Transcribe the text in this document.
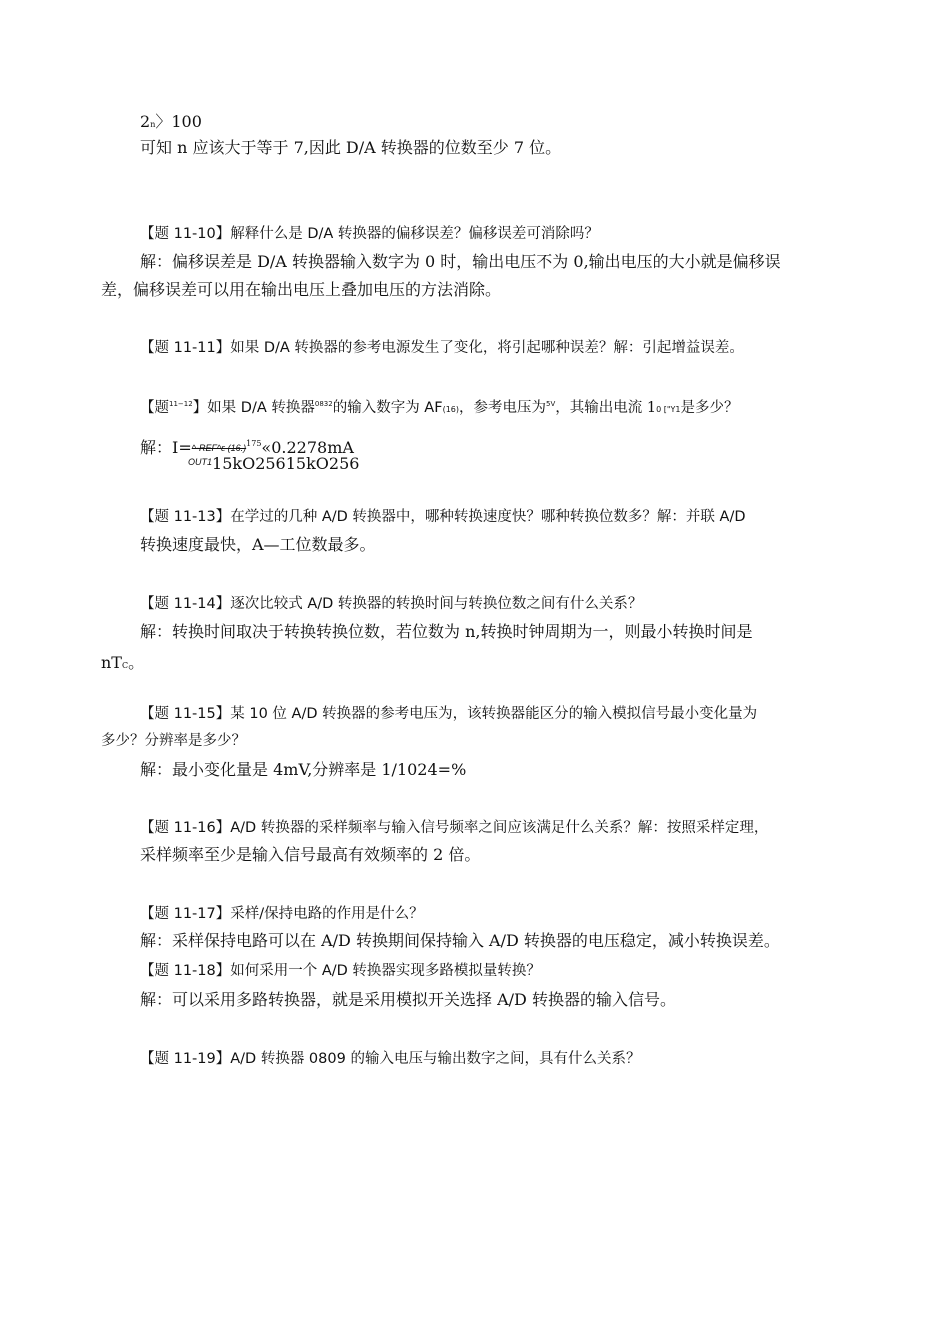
2n〉100
可知 n 应该大于等于 7,因此 D/A 转换器的位数至少 7 位。
【题 11-10】解释什么是 D/A 转换器的偏移误差？偏移误差可消除吗？
解：偏移误差是 D/A 转换器输入数字为 0 时，输出电压不为 0,输出电压的大小就是偏移误
差，偏移误差可以用在输出电压上叠加电压的方法消除。
【题 11-11】如果 D/A 转换器的参考电源发生了变化，将引起哪种误差？解：引起增益误差。
【题$^{11-12}$】如果 D/A 转换器$^{0832}$的输入数字为 AF(16)，参考电压为$^{5V}$，其输出电流 10 ["Y1是多少？
解：I=^-REF^ε $(16.)^{175}«0.2278mA$
$^{OUT1}$15kO25615kO256
【题 11-13】在学过的几种 A/D 转换器中，哪种转换速度快？哪种转换位数多？解：并联 A/D
转换速度最快，A—工位数最多。
【题 11-14】逐次比较式 A/D 转换器的转换时间与转换位数之间有什么关系？
解：转换时间取决于转换转换位数，若位数为 n,转换时钟周期为一，则最小转换时间是
nTC。
【题 11-15】某 10 位 A/D 转换器的参考电压为，该转换器能区分的输入模拟信号最小变化量为
多少？分辨率是多少？
解：最小变化量是 4mV,分辨率是 1/1024=%
【题 11-16】A/D 转换器的采样频率与输入信号频率之间应该满足什么关系？解：按照采样定理，
采样频率至少是输入信号最高有效频率的 2 倍。
【题 11-17】采样/保持电路的作用是什么？
解：采样保持电路可以在 A/D 转换期间保持输入 A/D 转换器的电压稳定，减小转换误差。
【题 11-18】如何采用一个 A/D 转换器实现多路模拟量转换？
解：可以采用多路转换器，就是采用模拟开关选择 A/D 转换器的输入信号。
【题 11-19】A/D 转换器 0809 的输入电压与输出数字之间，具有什么关系？
